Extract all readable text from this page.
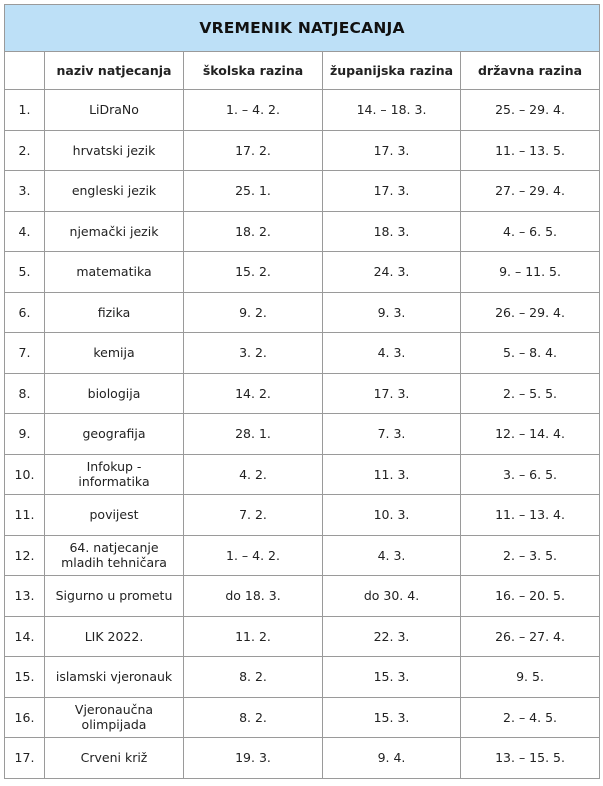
VREMENIK NATJECANJA				
	naziv natjecanja	školska razina	županijska razina	državna razina
1.	LiDraNo	1. – 4. 2.	14. – 18. 3.	25. – 29. 4.
2.	hrvatski jezik	17. 2.	17. 3.	11. – 13. 5.
3.	engleski jezik	25. 1.	17. 3.	27. – 29. 4.
4.	njemački jezik	18. 2.	18. 3.	4. – 6. 5.
5.	matematika	15. 2.	24. 3.	9. – 11. 5.
6.	fizika	9. 2.	9. 3.	26. – 29. 4.
7.	kemija	3. 2.	4. 3.	5. – 8. 4.
8.	biologija	14. 2.	17. 3.	2. – 5. 5.
9.	geografija	28. 1.	7. 3.	12. – 14. 4.
10.	Infokup - informatika	4. 2.	11. 3.	3. – 6. 5.
11.	povijest	7. 2.	10. 3.	11. – 13. 4.
12.	64. natjecanje mladih tehničara	1. – 4. 2.	4. 3.	2. – 3. 5.
13.	Sigurno u prometu	do 18. 3.	do 30. 4.	16. – 20. 5.
14.	LIK 2022.	11. 2.	22. 3.	26. – 27. 4.
15.	islamski vjeronauk	8. 2.	15. 3.	9. 5.
16.	Vjeronaučna olimpijada	8. 2.	15. 3.	2. – 4. 5.
17.	Crveni križ	19. 3.	9. 4.	13. – 15. 5.
